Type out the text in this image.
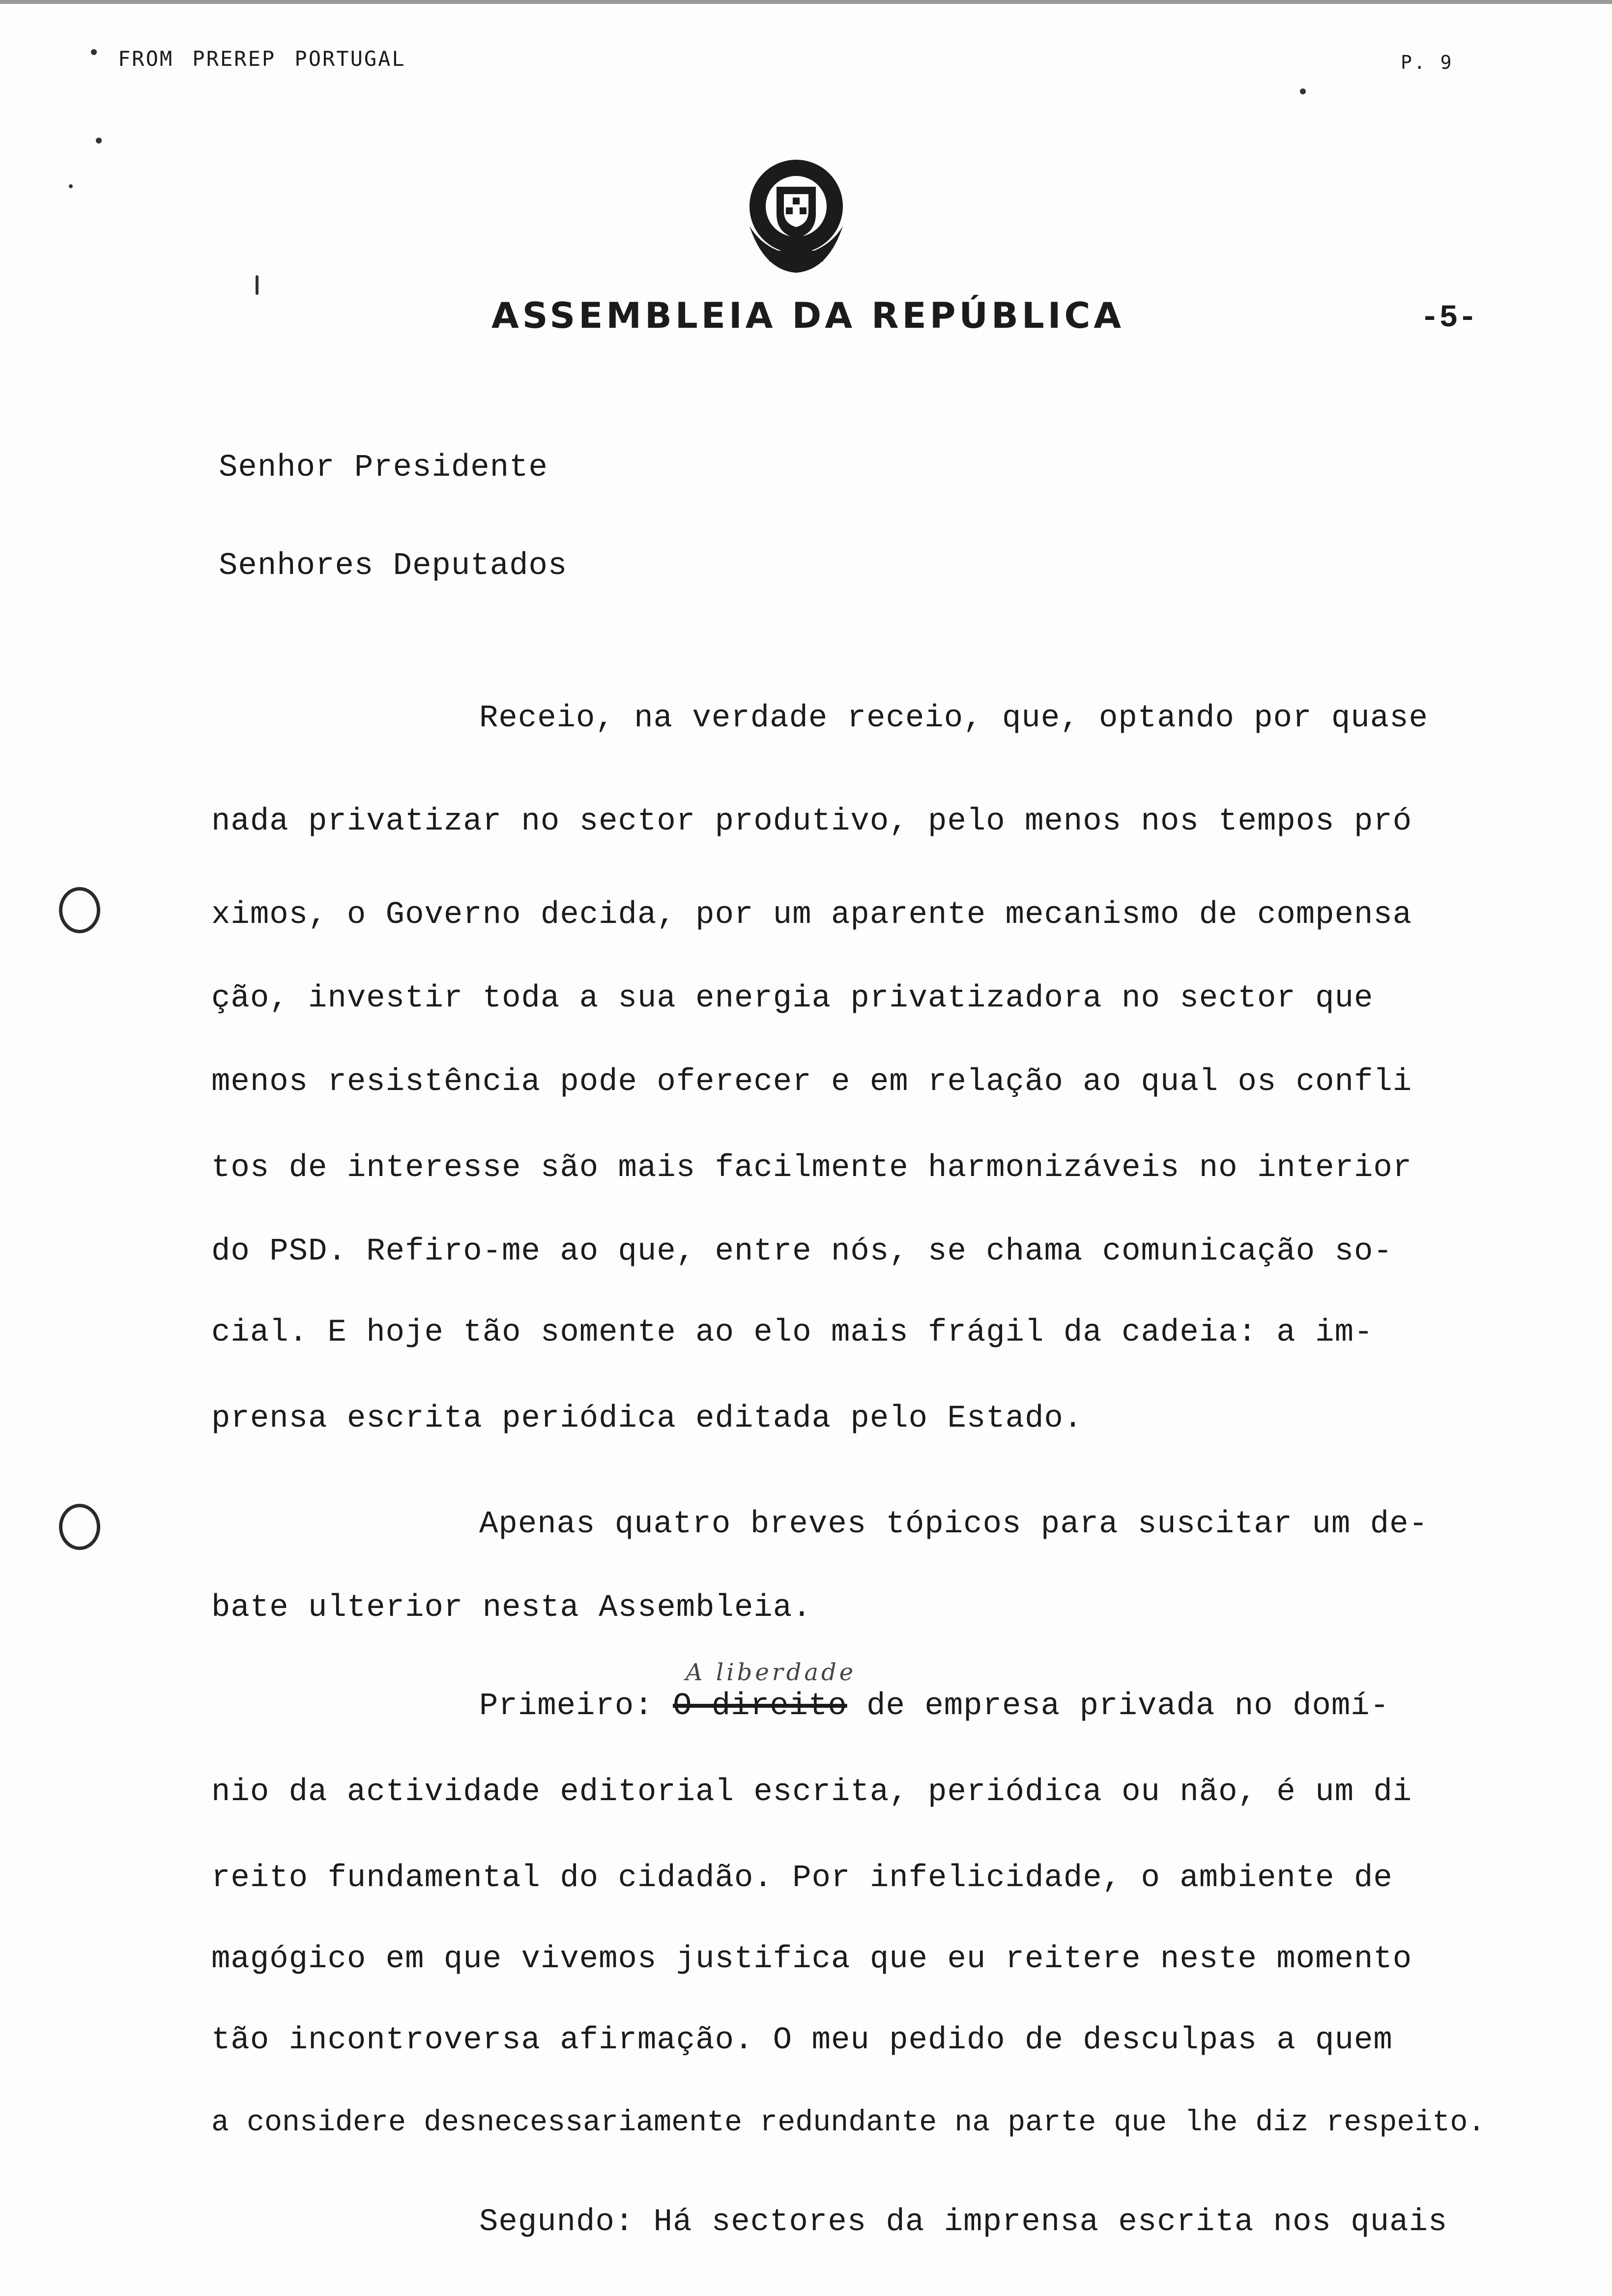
FROM PREREP PORTUGAL	P. 9
ASSEMBLEIA DA REPÚBLICA	-5-
Senhor Presidente
Senhores Deputados
Receio, na verdade receio, que, optando por quase
nada privatizar no sector produtivo, pelo menos nos tempos pró
ximos, o Governo decida, por um aparente mecanismo de compensa
ção, investir toda a sua energia privatizadora no sector que
menos resistência pode oferecer e em relação ao qual os confli
tos de interesse são mais facilmente harmonizáveis no interior
do PSD. Refiro-me ao que, entre nós, se chama comunicação so-
cial. E hoje tão somente ao elo mais frágil da cadeia: a im-
prensa escrita periódica editada pelo Estado.
Apenas quatro breves tópicos para suscitar um de-
bate ulterior nesta Assembleia.
A liberdade
Primeiro: O direito de empresa privada no domí-
nio da actividade editorial escrita, periódica ou não, é um di
reito fundamental do cidadão. Por infelicidade, o ambiente de
magógico em que vivemos justifica que eu reitere neste momento
tão incontroversa afirmação. O meu pedido de desculpas a quem
a considere desnecessariamente redundante na parte que lhe diz respeito.
Segundo: Há sectores da imprensa escrita nos quais
